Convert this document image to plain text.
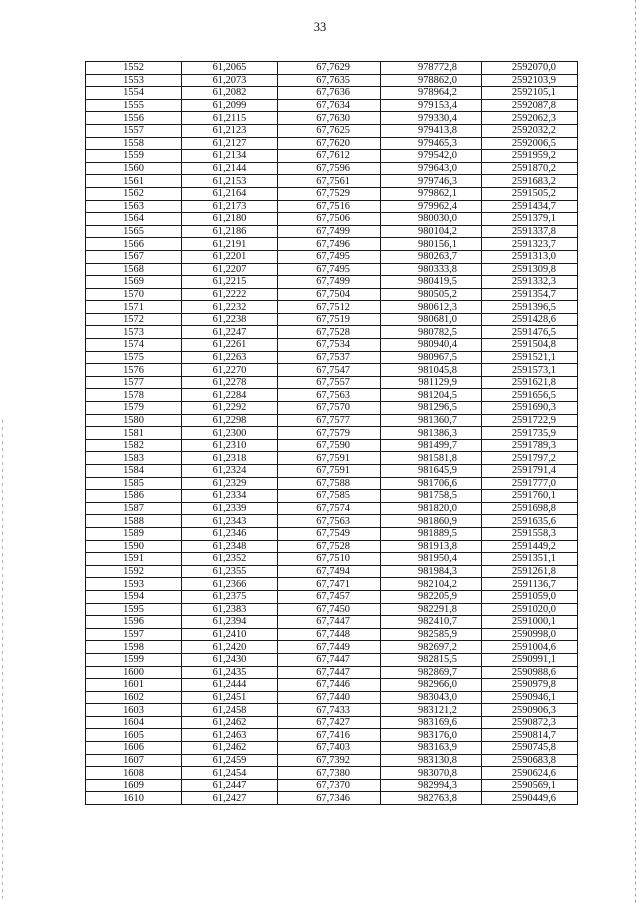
33
1552	61,2065	67,7629	978772,8	2592070,0
1553	61,2073	67,7635	978862,0	2592103,9
1554	61,2082	67,7636	978964,2	2592105,1
1555	61,2099	67,7634	979153,4	2592087,8
1556	61,2115	67,7630	979330,4	2592062,3
1557	61,2123	67,7625	979413,8	2592032,2
1558	61,2127	67,7620	979465,3	2592006,5
1559	61,2134	67,7612	979542,0	2591959,2
1560	61,2144	67,7596	979643,0	2591870,2
1561	61,2153	67,7561	979746,3	2591683,2
1562	61,2164	67,7529	979862,1	2591505,2
1563	61,2173	67,7516	979962,4	2591434,7
1564	61,2180	67,7506	980030,0	2591379,1
1565	61,2186	67,7499	980104,2	2591337,8
1566	61,2191	67,7496	980156,1	2591323,7
1567	61,2201	67,7495	980263,7	2591313,0
1568	61,2207	67,7495	980333,8	2591309,8
1569	61,2215	67,7499	980419,5	2591332,3
1570	61,2222	67,7504	980505,2	2591354,7
1571	61,2232	67,7512	980612,3	2591396,5
1572	61,2238	67,7519	980681,0	2591428,6
1573	61,2247	67,7528	980782,5	2591476,5
1574	61,2261	67,7534	980940,4	2591504,8
1575	61,2263	67,7537	980967,5	2591521,1
1576	61,2270	67,7547	981045,8	2591573,1
1577	61,2278	67,7557	981129,9	2591621,8
1578	61,2284	67,7563	981204,5	2591656,5
1579	61,2292	67,7570	981296,5	2591690,3
1580	61,2298	67,7577	981360,7	2591722,9
1581	61,2300	67,7579	981386,3	2591735,9
1582	61,2310	67,7590	981499,7	2591789,3
1583	61,2318	67,7591	981581,8	2591797,2
1584	61,2324	67,7591	981645,9	2591791,4
1585	61,2329	67,7588	981706,6	2591777,0
1586	61,2334	67,7585	981758,5	2591760,1
1587	61,2339	67,7574	981820,0	2591698,8
1588	61,2343	67,7563	981860,9	2591635,6
1589	61,2346	67,7549	981889,5	2591558,3
1590	61,2348	67,7528	981913,8	2591449,2
1591	61,2352	67,7510	981950,4	2591351,1
1592	61,2355	67,7494	981984,3	2591261,8
1593	61,2366	67,7471	982104,2	2591136,7
1594	61,2375	67,7457	982205,9	2591059,0
1595	61,2383	67,7450	982291,8	2591020,0
1596	61,2394	67,7447	982410,7	2591000,1
1597	61,2410	67,7448	982585,9	2590998,0
1598	61,2420	67,7449	982697,2	2591004,6
1599	61,2430	67,7447	982815,5	2590991,1
1600	61,2435	67,7447	982869,7	2590988,6
1601	61,2444	67,7446	982966,0	2590979,8
1602	61,2451	67,7440	983043,0	2590946,1
1603	61,2458	67,7433	983121,2	2590906,3
1604	61,2462	67,7427	983169,6	2590872,3
1605	61,2463	67,7416	983176,0	2590814,7
1606	61,2462	67,7403	983163,9	2590745,8
1607	61,2459	67,7392	983130,8	2590683,8
1608	61,2454	67,7380	983070,8	2590624,6
1609	61,2447	67,7370	982994,3	2590569,1
1610	61,2427	67,7346	982763,8	2590449,6
